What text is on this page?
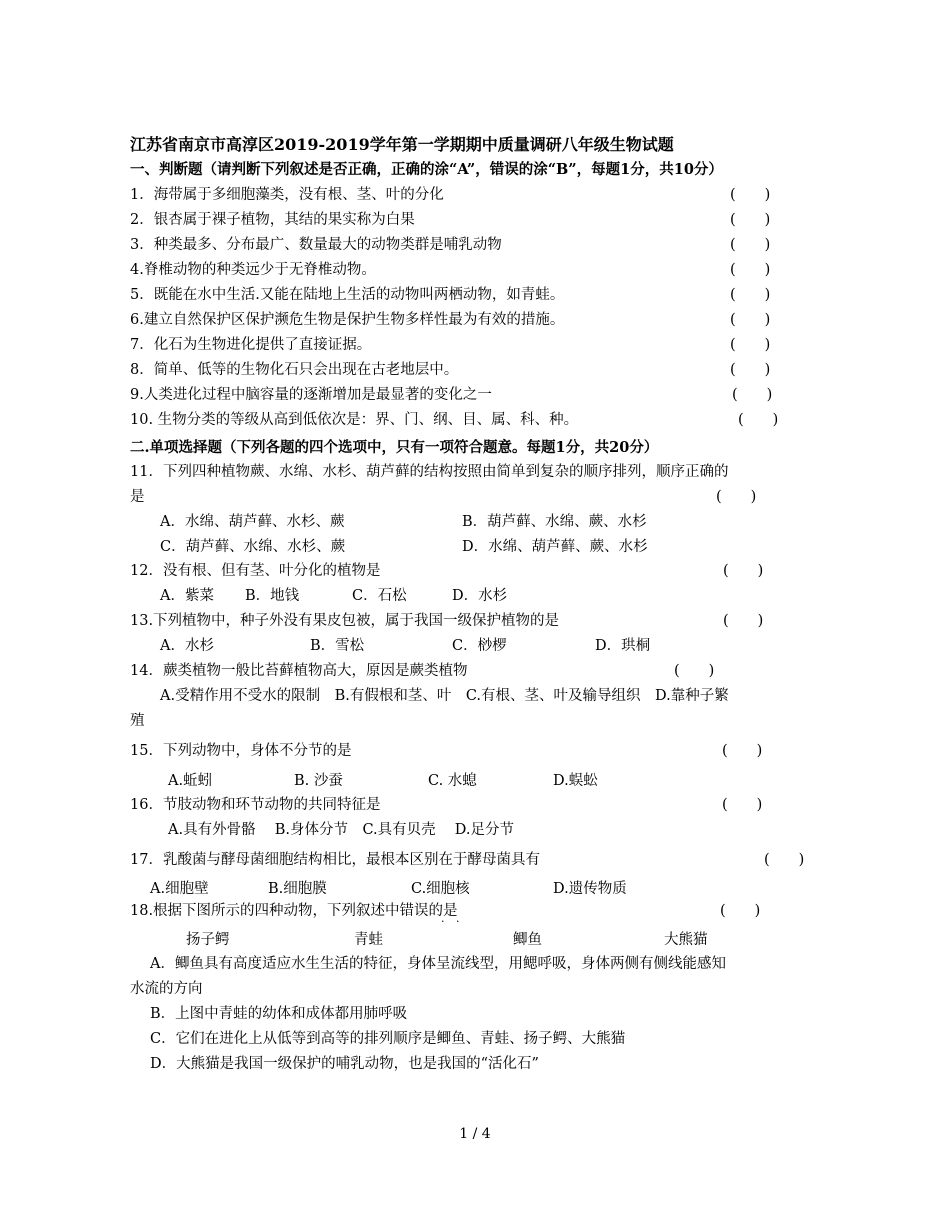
江苏省南京市高淳区2019-2019学年第一学期期中质量调研八年级生物试题
一、判断题（请判断下列叙述是否正确，正确的涂“A”，错误的涂“B”，每题1分，共10分）
1．海带属于多细胞藻类，没有根、茎、叶的分化	(　　)
2．银杏属于裸子植物，其结的果实称为白果	(　　)
3．种类最多、分布最广、数量最大的动物类群是哺乳动物	(　　)
4.脊椎动物的种类远少于无脊椎动物。	(　　)
5．既能在水中生活.又能在陆地上生活的动物叫两栖动物，如青蛙。	(　　)
6.建立自然保护区保护濒危生物是保护生物多样性最为有效的措施。	(　　)
7．化石为生物进化提供了直接证据。	(　　)
8．简单、低等的生物化石只会出现在古老地层中。	(　　)
9.人类进化过程中脑容量的逐渐增加是最显著的变化之一	(　　)
10. 生物分类的等级从高到低依次是：界、门、纲、目、属、科、种。	(　　)
二.单项选择题（下列各题的四个选项中，只有一项符合题意。每题1分，共20分）
11．下列四种植物蕨、水绵、水杉、葫芦藓的结构按照由简单到复杂的顺序排列，顺序正确的
是	(　　)
A．水绵、葫芦藓、水杉、蕨	B．葫芦藓、水绵、蕨、水杉
C．葫芦藓、水绵、水杉、蕨	D．水绵、葫芦藓、蕨、水杉
12．没有根、但有茎、叶分化的植物是	(　　)
A．紫菜 B．地钱	C．石松	D．水杉
13.下列植物中，种子外没有果皮包被，属于我国一级保护植物的是	(　　)
A．水杉	B．雪松	C．桫椤	D．珙桐
14．蕨类植物一般比苔藓植物高大，原因是蕨类植物	(　　)
A.受精作用不受水的限制　B.有假根和茎、叶　C.有根、茎、叶及输导组织　D.靠种子繁
殖
15．下列动物中，身体不分节的是	(　　)
A.蚯蚓	B. 沙蚕	C. 水螅	D.蜈蚣
16．节肢动物和环节动物的共同特征是	(　　)
A.具有外骨骼　 B.身体分节　C.具有贝壳　 D.足分节
17．乳酸菌与酵母菌细胞结构相比，最根本区别在于酵母菌具有	(　　)
A.细胞壁	B.细胞膜	C.细胞核	D.遗传物质
18.根据下图所示的四种动物，下列叙述中错误的是
· ·
(　　)
扬子鳄	青蛙	鲫鱼	大熊猫
A．鲫鱼具有高度适应水生生活的特征，身体呈流线型，用鳃呼吸，身体两侧有侧线能感知
水流的方向
B．上图中青蛙的幼体和成体都用肺呼吸
C．它们在进化上从低等到高等的排列顺序是鲫鱼、青蛙、扬子鳄、大熊猫
D．大熊猫是我国一级保护的哺乳动物，也是我国的“活化石”
1 / 4
